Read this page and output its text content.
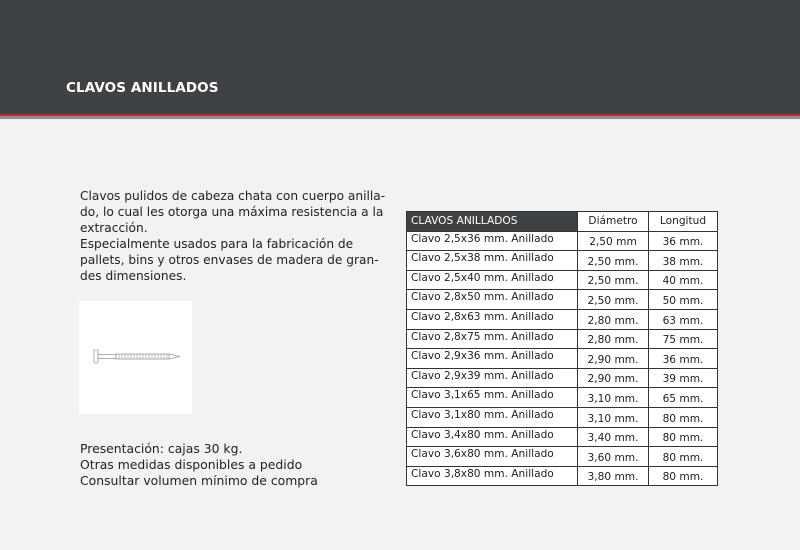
CLAVOS ANILLADOS

Clavos pulidos de cabeza chata con cuerpo anilla-

do, lo cual les otorga una máxima resistencia a la

extracción.

Especialmente usados para la fabricación de

pallets, bins y otros envases de madera de gran-

des dimensiones.

Presentación: cajas 30 kg.
Otras medidas disponibles a pedido
Consultar volumen mínimo de compra
CLAVOS ANILLADOS	Diámetro	Longitud
Clavo 2,5x36 mm. Anillado	2,50 mm	36 mm.
Clavo 2,5x38 mm. Anillado	2,50 mm.	38 mm.
Clavo 2,5x40 mm. Anillado	2,50 mm.	40 mm.
Clavo 2,8x50 mm. Anillado	2,50 mm.	50 mm.
Clavo 2,8x63 mm. Anillado	2,80 mm.	63 mm.
Clavo 2,8x75 mm. Anillado	2,80 mm.	75 mm.
Clavo 2,9x36 mm. Anillado	2,90 mm.	36 mm.
Clavo 2,9x39 mm. Anillado	2,90 mm.	39 mm.
Clavo 3,1x65 mm. Anillado	3,10 mm.	65 mm.
Clavo 3,1x80 mm. Anillado	3,10 mm.	80 mm.
Clavo 3,4x80 mm. Anillado	3,40 mm.	80 mm.
Clavo 3,6x80 mm. Anillado	3,60 mm.	80 mm.
Clavo 3,8x80 mm. Anillado	3,80 mm.	80 mm.
